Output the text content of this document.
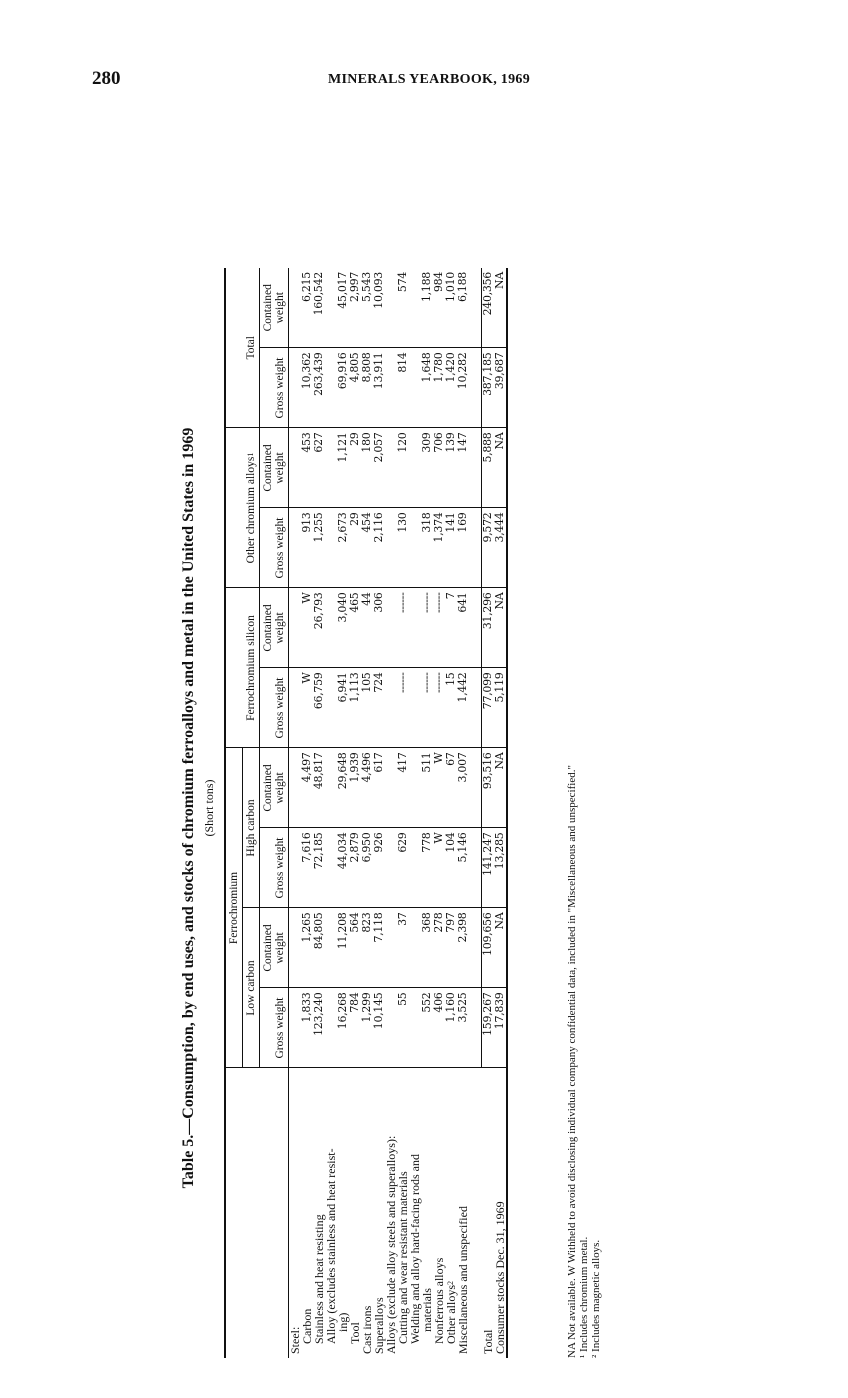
280	MINERALS YEARBOOK, 1969
Table 5.—Consumption, by end uses, and stocks of chromium ferroalloys and metal in the United States in 1969 (Short tons)
	Ferrochromium				Ferrochromium silicon		Other chromium alloys$^1$		Total	
	Low carbon		High carbon							
	Gross weight	Contained weight	Gross weight	Contained weight	Gross weight	Contained weight	Gross weight	Contained weight	Gross weight	Contained weight
Steel:										
Carbon	1,833	1,265	7,616	4,497	W	W	913	453	10,362	6,215
Stainless and heat resisting	123,240	84,805	72,185	48,817	66,759	26,793	1,255	627	263,439	160,542
Alloy (excludes stainless and heat resist-										
ing)	16,268	11,208	44,034	29,648	6,941	3,040	2,673	1,121	69,916	45,017
Tool	784	564	2,879	1,939	1,113	465	29	29	4,805	2,997
Cast irons	1,299	823	6,950	4,496	105	44	454	180	8,808	5,543
Superalloys	10,145	7,118	926	617	724	306	2,116	2,057	13,911	10,093
Alloys (exclude alloy steels and superalloys):										
Cutting and wear resistant materials	55	37	629	417	------	------	130	120	814	574
Welding and alloy hard-facing rods and										
materials	552	368	778	511	------	------	318	309	1,648	1,188
Nonferrous alloys	406	278	W	W	------	------	1,374	706	1,780	984
Other alloys$^2$	1,160	797	104	67	15	7	141	139	1,420	1,010
Miscellaneous and unspecified	3,525	2,398	5,146	3,007	1,442	641	169	147	10,282	6,188

Total	159,267	109,656	141,247	93,516	77,099	31,296	9,572	5,888	387,185	240,356
Consumer stocks Dec. 31, 1969	17,839	NA	13,285	NA	5,119	NA	3,444	NA	39,687	NA
NA Not available. W Withheld to avoid disclosing individual company confidential data, included in "Miscellaneous and unspecified." ¹ Includes chromium metal. ² Includes magnetic alloys.
